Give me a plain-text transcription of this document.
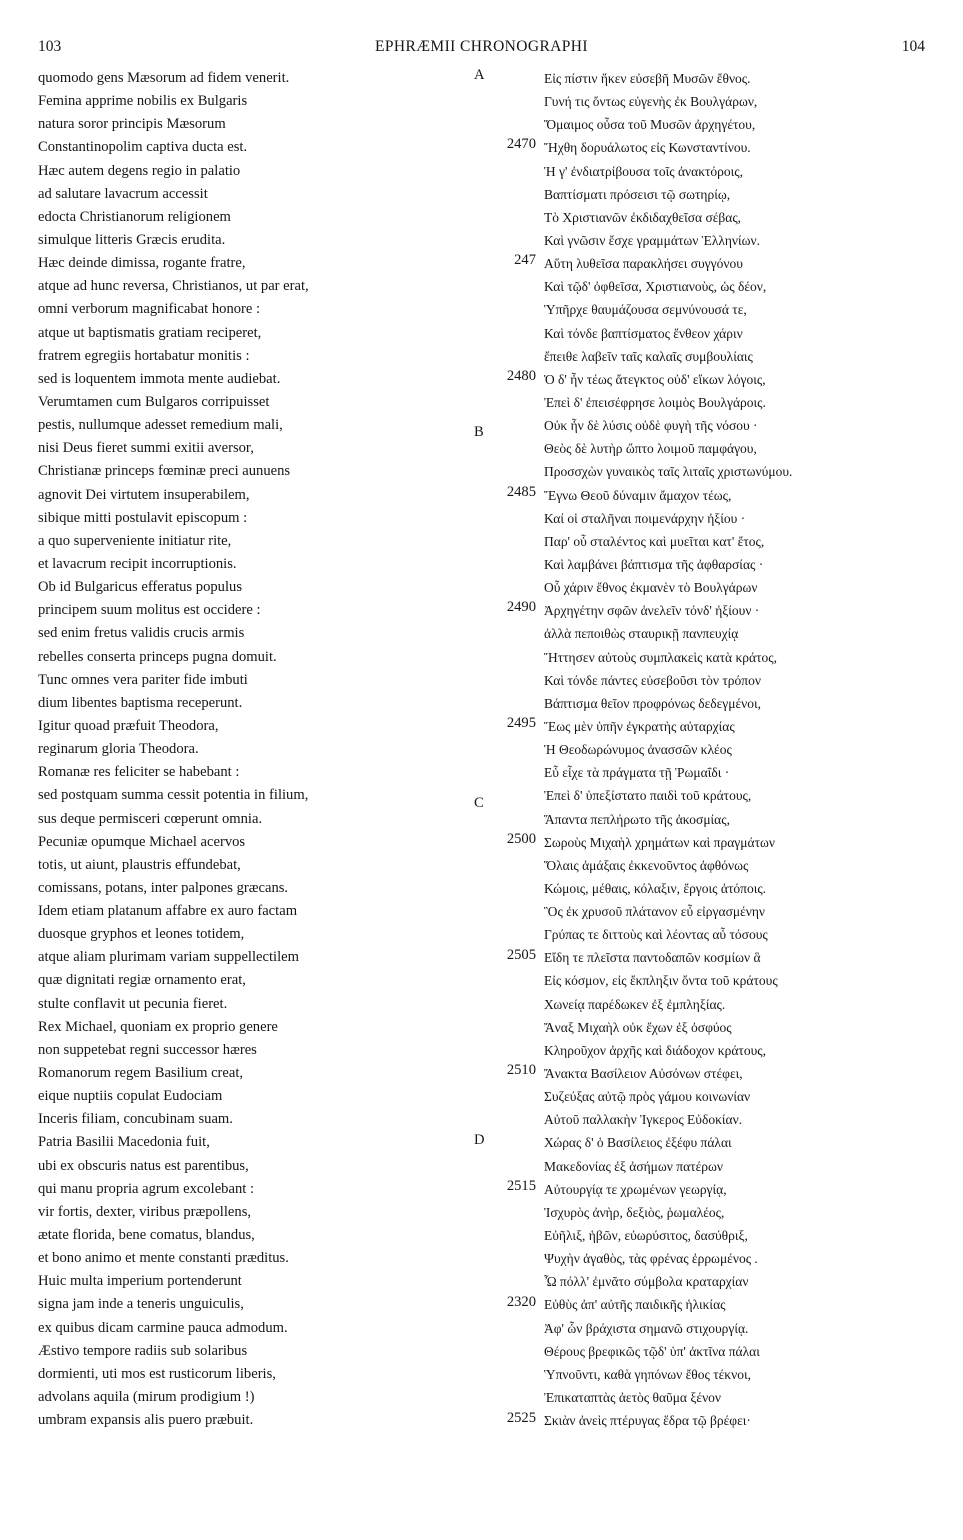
103	EPHRÆMII CHRONOGRAPHI	104
quomodo gens Mæsorum ad fidem venerit.
Femina apprime nobilis ex Bulgaris
natura soror principis Mæsorum
Constantinopolim captiva ducta est.
Hæc autem degens regio in palatio
ad salutare lavacrum accessit
edocta Christianorum religionem
simulque litteris Græcis erudita.
Hæc deinde dimissa, rogante fratre,
atque ad hunc reversa, Christianos, ut par erat,
omni verborum magnificabat honore :
atque ut baptismatis gratiam reciperet,
fratrem egregiis hortabatur monitis :
sed is loquentem immota mente audiebat.
Verumtamen cum Bulgaros corripuisset
pestis, nullumque adesset remedium mali,
nisi Deus fieret summi exitii aversor,
Christianæ princeps fœminæ preci aunuens
agnovit Dei virtutem insuperabilem,
sibique mitti postulavit episcopum :
a quo superveniente initiatur rite,
et lavacrum recipit incorruptionis.
Ob id Bulgaricus efferatus populus
principem suum molitus est occidere :
sed enim fretus validis crucis armis
rebelles conserta princeps pugna domuit.
Tunc omnes vera pariter fide imbuti
dium libentes baptisma receperunt.
Igitur quoad præfuit Theodora,
reginarum gloria Theodora.
Romanæ res feliciter se habebant :
sed postquam summa cessit potentia in filium,
sus deque permisceri cœperunt omnia.
Pecuniæ opumque Michael acervos
totis, ut aiunt, plaustris effundebat,
comissans, potans, inter palpones græcans.
Idem etiam platanum affabre ex auro factam
duosque gryphos et leones totidem,
atque aliam plurimam variam suppellectilem
quæ dignitati regiæ ornamento erat,
stulte conflavit ut pecunia fieret.
Rex Michael, quoniam ex proprio genere
non suppetebat regni successor hæres
Romanorum regem Basilium creat,
eique nuptiis copulat Eudociam
Inceris filiam, concubinam suam.
Patria Basilii Macedonia fuit,
ubi ex obscuris natus est parentibus,
qui manu propria agrum excolebant :
vir fortis, dexter, viribus præpollens,
ætate florida, bene comatus, blandus,
et bono animo et mente constanti præditus.
Huic multa imperium portenderunt
signa jam inde a teneris unguiculis,
ex quibus dicam carmine pauca admodum.
Æstivo tempore radiis sub solaribus
dormienti, uti mos est rusticorum liberis,
advolans aquila (mirum prodigium !)
umbram expansis alis puero præbuit.
A
B
C
D
2470
247
2480
2485
2490
2495
2500
2505
2510
2515
2320
2525
Εἰς πίστιν ἥκεν εὐσεβῆ Μυσῶν ἔθνος.
Γυνή τις ὄντως εὐγενὴς ἐκ Βουλγάρων,
Ὅμαιμος οὖσα τοῦ Μυσῶν ἀρχηγέτου,
Ἤχθη δορυάλωτος εἰς Κωνσταντίνου.
Ἡ γ' ἐνδιατρίβουσα τοῖς ἀνακτόροις,
Βαπτίσματι πρόσεισι τῷ σωτηρίῳ,
Τὸ Χριστιανῶν ἐκδιδαχθεῖσα σέβας,
Καὶ γνῶσιν ἔσχε γραμμάτων Ἑλληνίων.
Αὕτη λυθεῖσα παρακλήσει συγγόνου
Καὶ τῷδ' ὀφθεῖσα, Χριστιανοὺς, ὡς δέον,
Ὑπῆρχε θαυμάζουσα σεμνύνουσά τε,
Καὶ τόνδε βαπτίσματος ἔνθεον χάριν
ἔπειθε λαβεῖν ταῖς καλαῖς συμβουλίαις
Ὁ δ' ἦν τέως ἄτεγκτος οὐδ' εἴκων λόγοις,
Ἐπεὶ δ' ἐπεισέφρησε λοιμὸς Βουλγάροις.
Οὐκ ἦν δὲ λύσις οὐδὲ φυγὴ τῆς νόσου ·
Θεὸς δὲ λυτὴρ ὤπτο λοιμοῦ παμφάγου,
Προσσχὼν γυναικὸς ταῖς λιταῖς χριστωνύμου.
Ἔγνω Θεοῦ δύναμιν ἄμαχον τέως,
Καί οἱ σταλῆναι ποιμενάρχην ἠξίου ·
Παρ' οὗ σταλέντος καὶ μυεῖται κατ' ἔτος,
Καὶ λαμβάνει βάπτισμα τῆς ἀφθαρσίας ·
Οὗ χάριν ἔθνος ἐκμανὲν τὸ Βουλγάρων
Ἀρχηγέτην σφῶν ἀνελεῖν τόνδ' ἠξίουν ·
ἀλλὰ πεποιθὼς σταυρικῇ πανπευχίᾳ
Ἥττησεν αὐτοὺς συμπλακεὶς κατὰ κράτος,
Καὶ τόνδε πάντες εὐσεβοῦσι τὸν τρόπον
Βάπτισμα θεῖον προφρόνως δεδεγμένοι,
Ἕως μὲν ὑπῆν ἐγκρατὴς αὐταρχίας
Ἡ Θεοδωρώνυμος ἀνασσῶν κλέος
Εὖ εἶχε τὰ πράγματα τῇ Ῥωμαΐδι ·
Ἐπεὶ δ' ὑπεξίστατο παιδὶ τοῦ κράτους,
Ἅπαντα πεπλήρωτο τῆς ἀκοσμίας,
Σωροὺς Μιχαὴλ χρημάτων καὶ πραγμάτων
Ὅλαις ἁμάξαις ἐκκενοῦντος ἀφθόνως
Κώμοις, μέθαις, κόλαξιν, ἔργοις ἀτόποις.
Ὃς ἐκ χρυσοῦ πλάτανον εὖ εἰργασμένην
Γρύπας τε διττοὺς καὶ λέοντας αὖ τόσους
Εἴδη τε πλεῖστα παντοδαπῶν κοσμίων ἃ
Εἰς κόσμον, εἰς ἔκπληξιν ὄντα τοῦ κράτους
Χωνείᾳ παρέδωκεν ἐξ ἐμπληξίας.
Ἄναξ Μιχαὴλ οὐκ ἔχων ἐξ ὀσφύος
Κληροῦχον ἀρχῆς καὶ διάδοχον κράτους,
Ἄνακτα Βασίλειον Αὐσόνων στέφει,
Συζεύξας αὐτῷ πρὸς γάμου κοινωνίαν
Αὐτοῦ παλλακὴν Ἰγκερος Εὐδοκίαν.
Χώρας δ' ὁ Βασίλειος ἐξέφυ πάλαι
Μακεδονίας ἐξ ἀσήμων πατέρων
Αὐτουργίᾳ τε χρωμένων γεωργίᾳ,
Ἰσχυρὸς ἀνὴρ, δεξιὸς, ῥωμαλέος,
Εὐῆλιξ, ἡβῶν, εὐωρύσιτος, δασύθριξ,
Ψυχὴν ἀγαθὸς, τὰς φρένας ἐρρωμένος .
Ὦ πόλλ' ἐμνᾶτο σύμβολα κραταρχίαν
Εὐθὺς ἀπ' αὐτῆς παιδικῆς ἡλικίας
Ἀφ' ὧν βράχιστα σημανῶ στιχουργίᾳ.
Θέρους βρεφικῶς τῷδ' ὑπ' ἀκτῖνα πάλαι
Ὑπνοῦντι, καθὰ γηπόνων ἔθος τέκνοι,
Ἐπικαταπτὰς ἀετὸς θαῦμα ξένον
Σκιὰν ἀνεὶς πτέρυγας ἕδρα τῷ βρέφει·
